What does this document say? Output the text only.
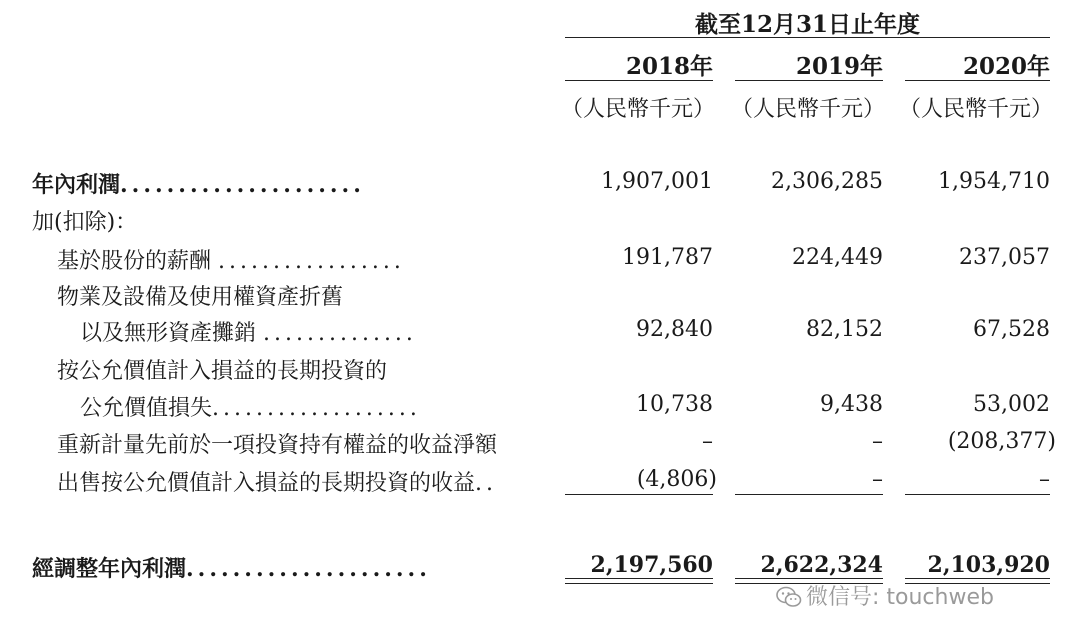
截至12月31日止年度
2018年	2019年	2020年
（人民幣千元） （人民幣千元） （人民幣千元）
年內利潤.....................	1,907,001	2,306,285	1,954,710
加(扣除)：
基於股份的薪酬 .................	191,787	224,449	237,057
物業及設備及使用權資產折舊
以及無形資產攤銷 ..............	92,840	82,152	67,528
按公允價值計入損益的長期投資的
公允價值損失...................	10,738	9,438	53,002
重新計量先前於一項投資持有權益的收益淨額	–	–	(208,377)
出售按公允價值計入損益的長期投資的收益..	(4,806)	–	–
經調整年內利潤.....................	2,197,560	2,622,324	2,103,920
微信号: touchweb
